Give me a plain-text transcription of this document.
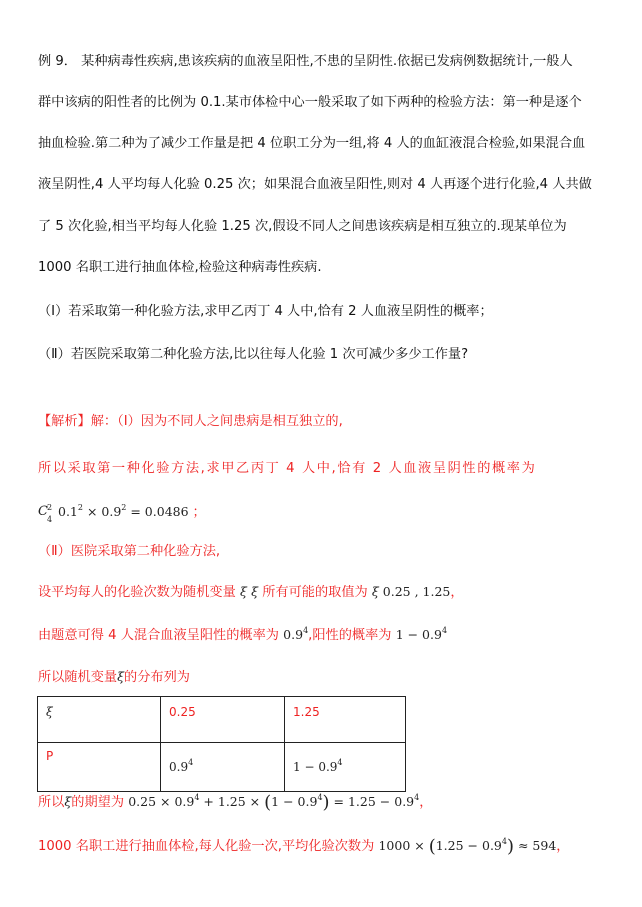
例 9． 某种病毒性疾病,患该疾病的血液呈阳性,不患的呈阴性.依据已发病例数据统计,一般人
群中该病的阳性者的比例为 0.1.某市体检中心一般采取了如下两种的检验方法：第一种是逐个
抽血检验.第二种为了减少工作量是把 4 位职工分为一组,将 4 人的血缸液混合检验,如果混合血
液呈阴性,4 人平均每人化验 0.25 次；如果混合血液呈阳性,则对 4 人再逐个进行化验,4 人共做
了 5 次化验,相当平均每人化验 1.25 次,假设不同人之间患该疾病是相互独立的.现某单位为
1000 名职工进行抽血体检,检验这种病毒性疾病.
（Ⅰ）若采取第一种化验方法,求甲乙丙丁 4 人中,恰有 2 人血液呈阴性的概率；
（Ⅱ）若医院采取第二种化验方法,比以往每人化验 1 次可减少多少工作量?
【解析】解：（Ⅰ）因为不同人之间患病是相互独立的,
所以采取第一种化验方法,求甲乙丙丁 4 人中,恰有 2 人血液呈阴性的概率为
C 2
4
$0.1^2 \times 0.9^2 = 0.0486$ ；
（Ⅱ）医院采取第二种化验方法,
设平均每人的化验次数为随机变量 ξ ξ 所有可能的取值为 ξ 0.25 , 1.25，
由题意可得 4 人混合血液呈阳性的概率为 $0.9^4$,阳性的概率为 $1 - 0.9^4$
所以随机变量ξ的分布列为
ξ	0.25	1.25
P	$0.9^4$	$1 - 0.9^4$
所以ξ的期望为 $0.25 \times 0.9^4 + 1.25 \times (1 - 0.9^4) = 1.25 - 0.9^4$，
1000 名职工进行抽血体检,每人化验一次,平均化验次数为 $1000 \times (1.25 - 0.9^4) \approx 594$，
